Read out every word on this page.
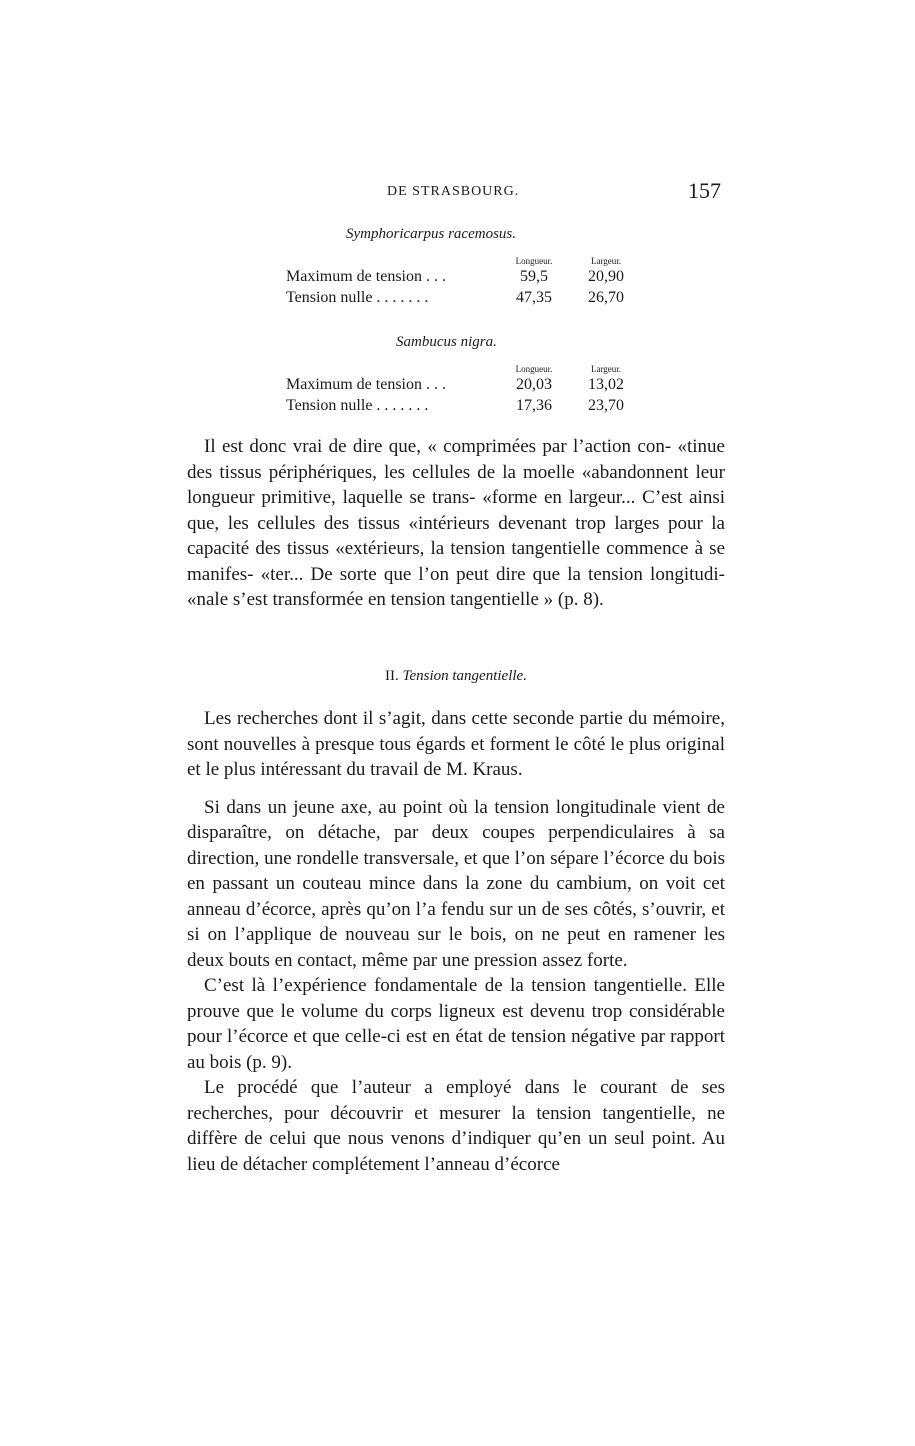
DE STRASBOURG.	157
Symphoricarpus racemosus.
	Longueur.	Largeur.
Maximum de tension . . .	59,5	20,90
Tension nulle . . . . . . .	47,35	26,70
Sambucus nigra.
	Longueur.	Largeur.
Maximum de tension . . .	20,03	13,02
Tension nulle . . . . . . .	17,36	23,70

Il est donc vrai de dire que, « comprimées par l’action con- «tinue des tissus périphériques, les cellules de la moelle «abandonnent leur longueur primitive, laquelle se trans- «forme en largeur... C’est ainsi que, les cellules des tissus «intérieurs devenant trop larges pour la capacité des tissus «extérieurs, la tension tangentielle commence à se manifes- «ter... De sorte que l’on peut dire que la tension longitudi- «nale s’est transformée en tension tangentielle » (p. 8).

II. Tension tangentielle.

Les recherches dont il s’agit, dans cette seconde partie du mémoire, sont nouvelles à presque tous égards et forment le côté le plus original et le plus intéressant du travail de M. Kraus.

Si dans un jeune axe, au point où la tension longitudinale vient de disparaître, on détache, par deux coupes perpendiculaires à sa direction, une rondelle transversale, et que l’on sépare l’écorce du bois en passant un couteau mince dans la zone du cambium, on voit cet anneau d’écorce, après qu’on l’a fendu sur un de ses côtés, s’ouvrir, et si on l’applique de nouveau sur le bois, on ne peut en ramener les deux bouts en contact, même par une pression assez forte.

C’est là l’expérience fondamentale de la tension tangentielle. Elle prouve que le volume du corps ligneux est devenu trop considérable pour l’écorce et que celle-ci est en état de tension négative par rapport au bois (p. 9).

Le procédé que l’auteur a employé dans le courant de ses recherches, pour découvrir et mesurer la tension tangentielle, ne diffère de celui que nous venons d’indiquer qu’en un seul point. Au lieu de détacher complétement l’anneau d’écorce
